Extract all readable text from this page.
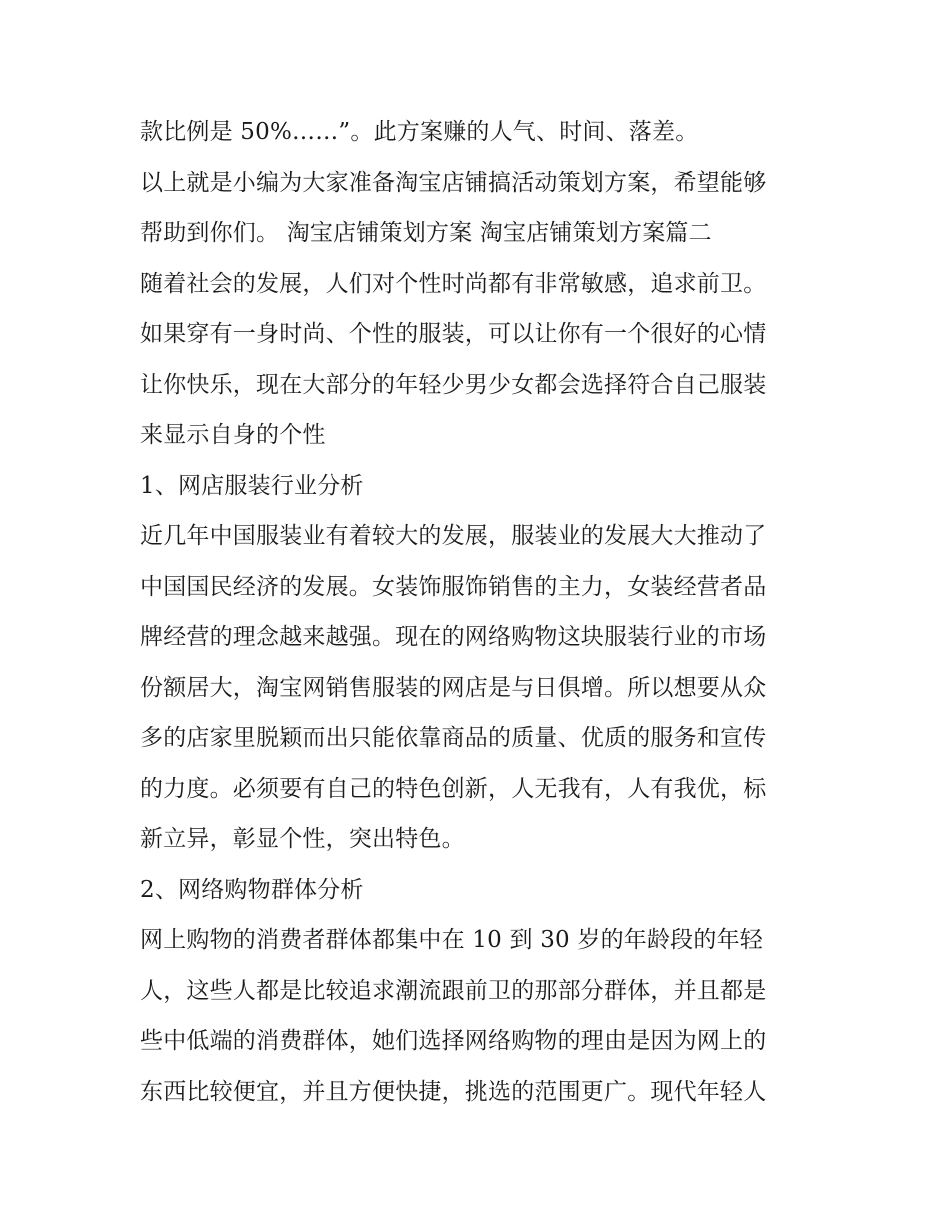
款比例是 50%……”。此方案赚的人气、时间、落差。
以上就是小编为大家准备淘宝店铺搞活动策划方案，希望能够
帮助到你们。 淘宝店铺策划方案 淘宝店铺策划方案篇二
随着社会的发展，人们对个性时尚都有非常敏感，追求前卫。
如果穿有一身时尚、个性的服装，可以让你有一个很好的心情
让你快乐，现在大部分的年轻少男少女都会选择符合自己服装
来显示自身的个性
1、网店服装行业分析
近几年中国服装业有着较大的发展，服装业的发展大大推动了
中国国民经济的发展。女装饰服饰销售的主力，女装经营者品
牌经营的理念越来越强。现在的网络购物这块服装行业的市场
份额居大，淘宝网销售服装的网店是与日俱增。所以想要从众
多的店家里脱颖而出只能依靠商品的质量、优质的服务和宣传
的力度。必须要有自己的特色创新，人无我有，人有我优，标
新立异，彰显个性，突出特色。
2、网络购物群体分析
网上购物的消费者群体都集中在 10 到 30 岁的年龄段的年轻
人，这些人都是比较追求潮流跟前卫的那部分群体，并且都是
些中低端的消费群体，她们选择网络购物的理由是因为网上的
东西比较便宜，并且方便快捷，挑选的范围更广。现代年轻人
